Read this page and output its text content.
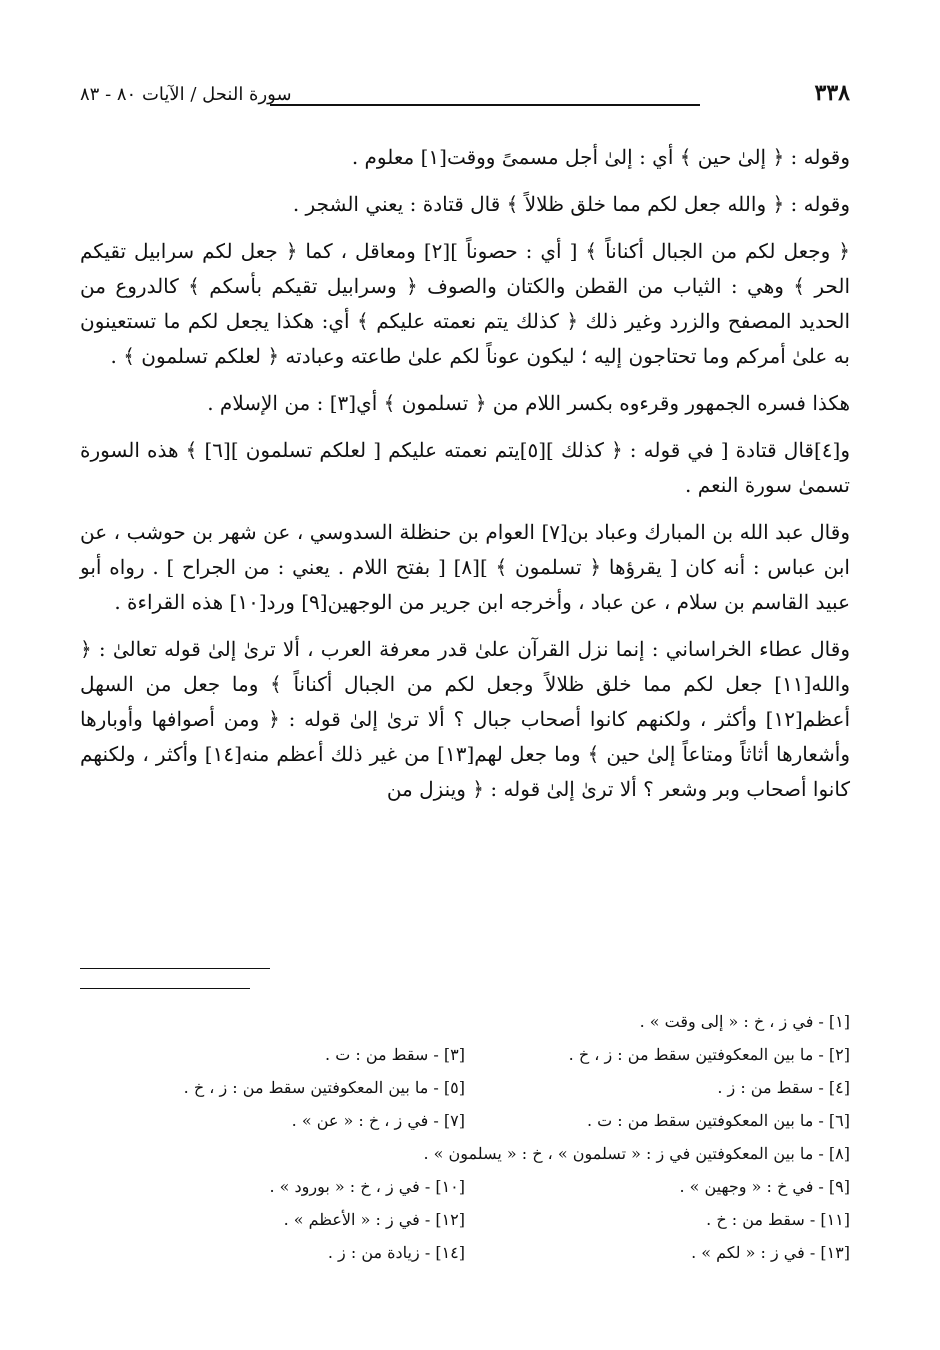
٣٣٨
سورة النحل / الآيات ٨٠ - ٨٣

وقوله : ﴿ إلىٰ حين ﴾ أي : إلىٰ أجل مسمىً ووقت[١] معلوم .

وقوله : ﴿ والله جعل لكم مما خلق ظلالاً ﴾ قال قتادة : يعني الشجر .

﴿ وجعل لكم من الجبال أكناناً ﴾ [ أي : حصوناً ][٢] ومعاقل ، كما ﴿ جعل لكم سرابيل تقيكم الحر ﴾ وهي : الثياب من القطن والكتان والصوف ﴿ وسرابيل تقيكم بأسكم ﴾ كالدروع من الحديد المصفح والزرد وغير ذلك ﴿ كذلك يتم نعمته عليكم ﴾ أي: هكذا يجعل لكم ما تستعينون به علىٰ أمركم وما تحتاجون إليه ؛ ليكون عوناً لكم علىٰ طاعته وعبادته ﴿ لعلكم تسلمون ﴾ .

هكذا فسره الجمهور وقرءوه بكسر اللام من ﴿ تسلمون ﴾ أي[٣] : من الإسلام .

و[٤]قال قتادة [ في قوله : ﴿ كذلك ][٥]يتم نعمته عليكم [ لعلكم تسلمون ][٦] ﴾ هذه السورة تسمىٰ سورة النعم .

وقال عبد الله بن المبارك وعباد بن[٧] العوام بن حنظلة السدوسي ، عن شهر بن حوشب ، عن ابن عباس : أنه كان [ يقرؤها ﴿ تسلمون ﴾ ][٨] [ بفتح اللام . يعني : من الجراح ] . رواه أبو عبيد القاسم بن سلام ، عن عباد ، وأخرجه ابن جرير من الوجهين[٩] ورد[١٠] هذه القراءة .

وقال عطاء الخراساني : إنما نزل القرآن علىٰ قدر معرفة العرب ، ألا ترىٰ إلىٰ قوله تعالىٰ : ﴿ والله[١١] جعل لكم مما خلق ظلالاً وجعل لكم من الجبال أكناناً ﴾ وما جعل من السهل أعظم[١٢] وأكثر ، ولكنهم كانوا أصحاب جبال ؟ ألا ترىٰ إلىٰ قوله : ﴿ ومن أصوافها وأوبارها وأشعارها أثاثاً ومتاعاً إلىٰ حين ﴾ وما جعل لهم[١٣] من غير ذلك أعظم منه[١٤] وأكثر ، ولكنهم كانوا أصحاب وبر وشعر ؟ ألا ترىٰ إلىٰ قوله : ﴿ وينزل من

[١] - في ز ، خ : « إلى وقت » .
[٢] - ما بين المعكوفتين سقط من : ز ، خ .
[٣] - سقط من : ت .
[٤] - سقط من : ز .
[٥] - ما بين المعكوفتين سقط من : ز ، خ .
[٦] - ما بين المعكوفتين سقط من : ت .
[٧] - في ز ، خ : « عن » .
[٨] - ما بين المعكوفتين في ز : « تسلمون » ، خ : « يسلمون » .
[٩] - في خ : « وجهين » .
[١٠] - في ز ، خ : « بورود » .
[١١] - سقط من : خ .
[١٢] - في ز : « الأعظم » .
[١٣] - في ز : « لكم » .
[١٤] - زيادة من : ز .
